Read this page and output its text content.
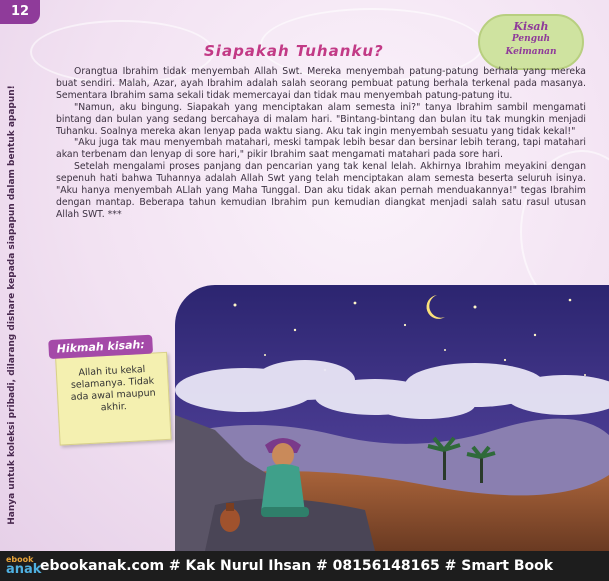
12
Kisah
Penguh
Keimanan
Siapakah Tuhanku?

Orangtua Ibrahim tidak menyembah Allah Swt. Mereka menyembah patung-patung berhala yang mereka buat sendiri. Malah, Azar, ayah Ibrahim adalah salah seorang pembuat patung berhala terkenal pada masanya. Sementara Ibrahim sama sekali tidak memercayai dan tidak mau menyembah patung-patung itu.

"Namun, aku bingung. Siapakah yang menciptakan alam semesta ini?" tanya Ibrahim sambil mengamati bintang dan bulan yang sedang bercahaya di malam hari. "Bintang-bintang dan bulan itu tak mungkin menjadi Tuhanku. Soalnya mereka akan lenyap pada waktu siang. Aku tak ingin menyembah sesuatu yang tidak kekal!"

"Aku juga tak mau menyembah matahari, meski tampak lebih besar dan bersinar lebih terang, tapi matahari akan terbenam dan lenyap di sore hari," pikir Ibrahim saat mengamati matahari pada sore hari.

Setelah mengalami proses panjang dan pencarian yang tak kenal lelah. Akhirnya Ibrahim meyakini dengan sepenuh hati bahwa Tuhannya adalah Allah Swt yang telah menciptakan alam semesta beserta seluruh isinya. "Aku hanya menyembah ALlah yang Maha Tunggal. Dan aku tidak akan pernah menduakannya!" tegas Ibrahim dengan mantap. Beberapa tahun kemudian Ibrahim pun kemudian diangkat menjadi salah satu rasul utusan Allah SWT. ***

Hanya untuk koleksi pribadi, dilarang dishare kepada siapapun dalam bentuk apapun!	Allah itu kekal
selamanya. Tidak
ada awal maupun
akhir.
Hikmah kisah:
ebook
anak
ebookanak.com # Kak Nurul Ihsan # 08156148165 # Smart Book
